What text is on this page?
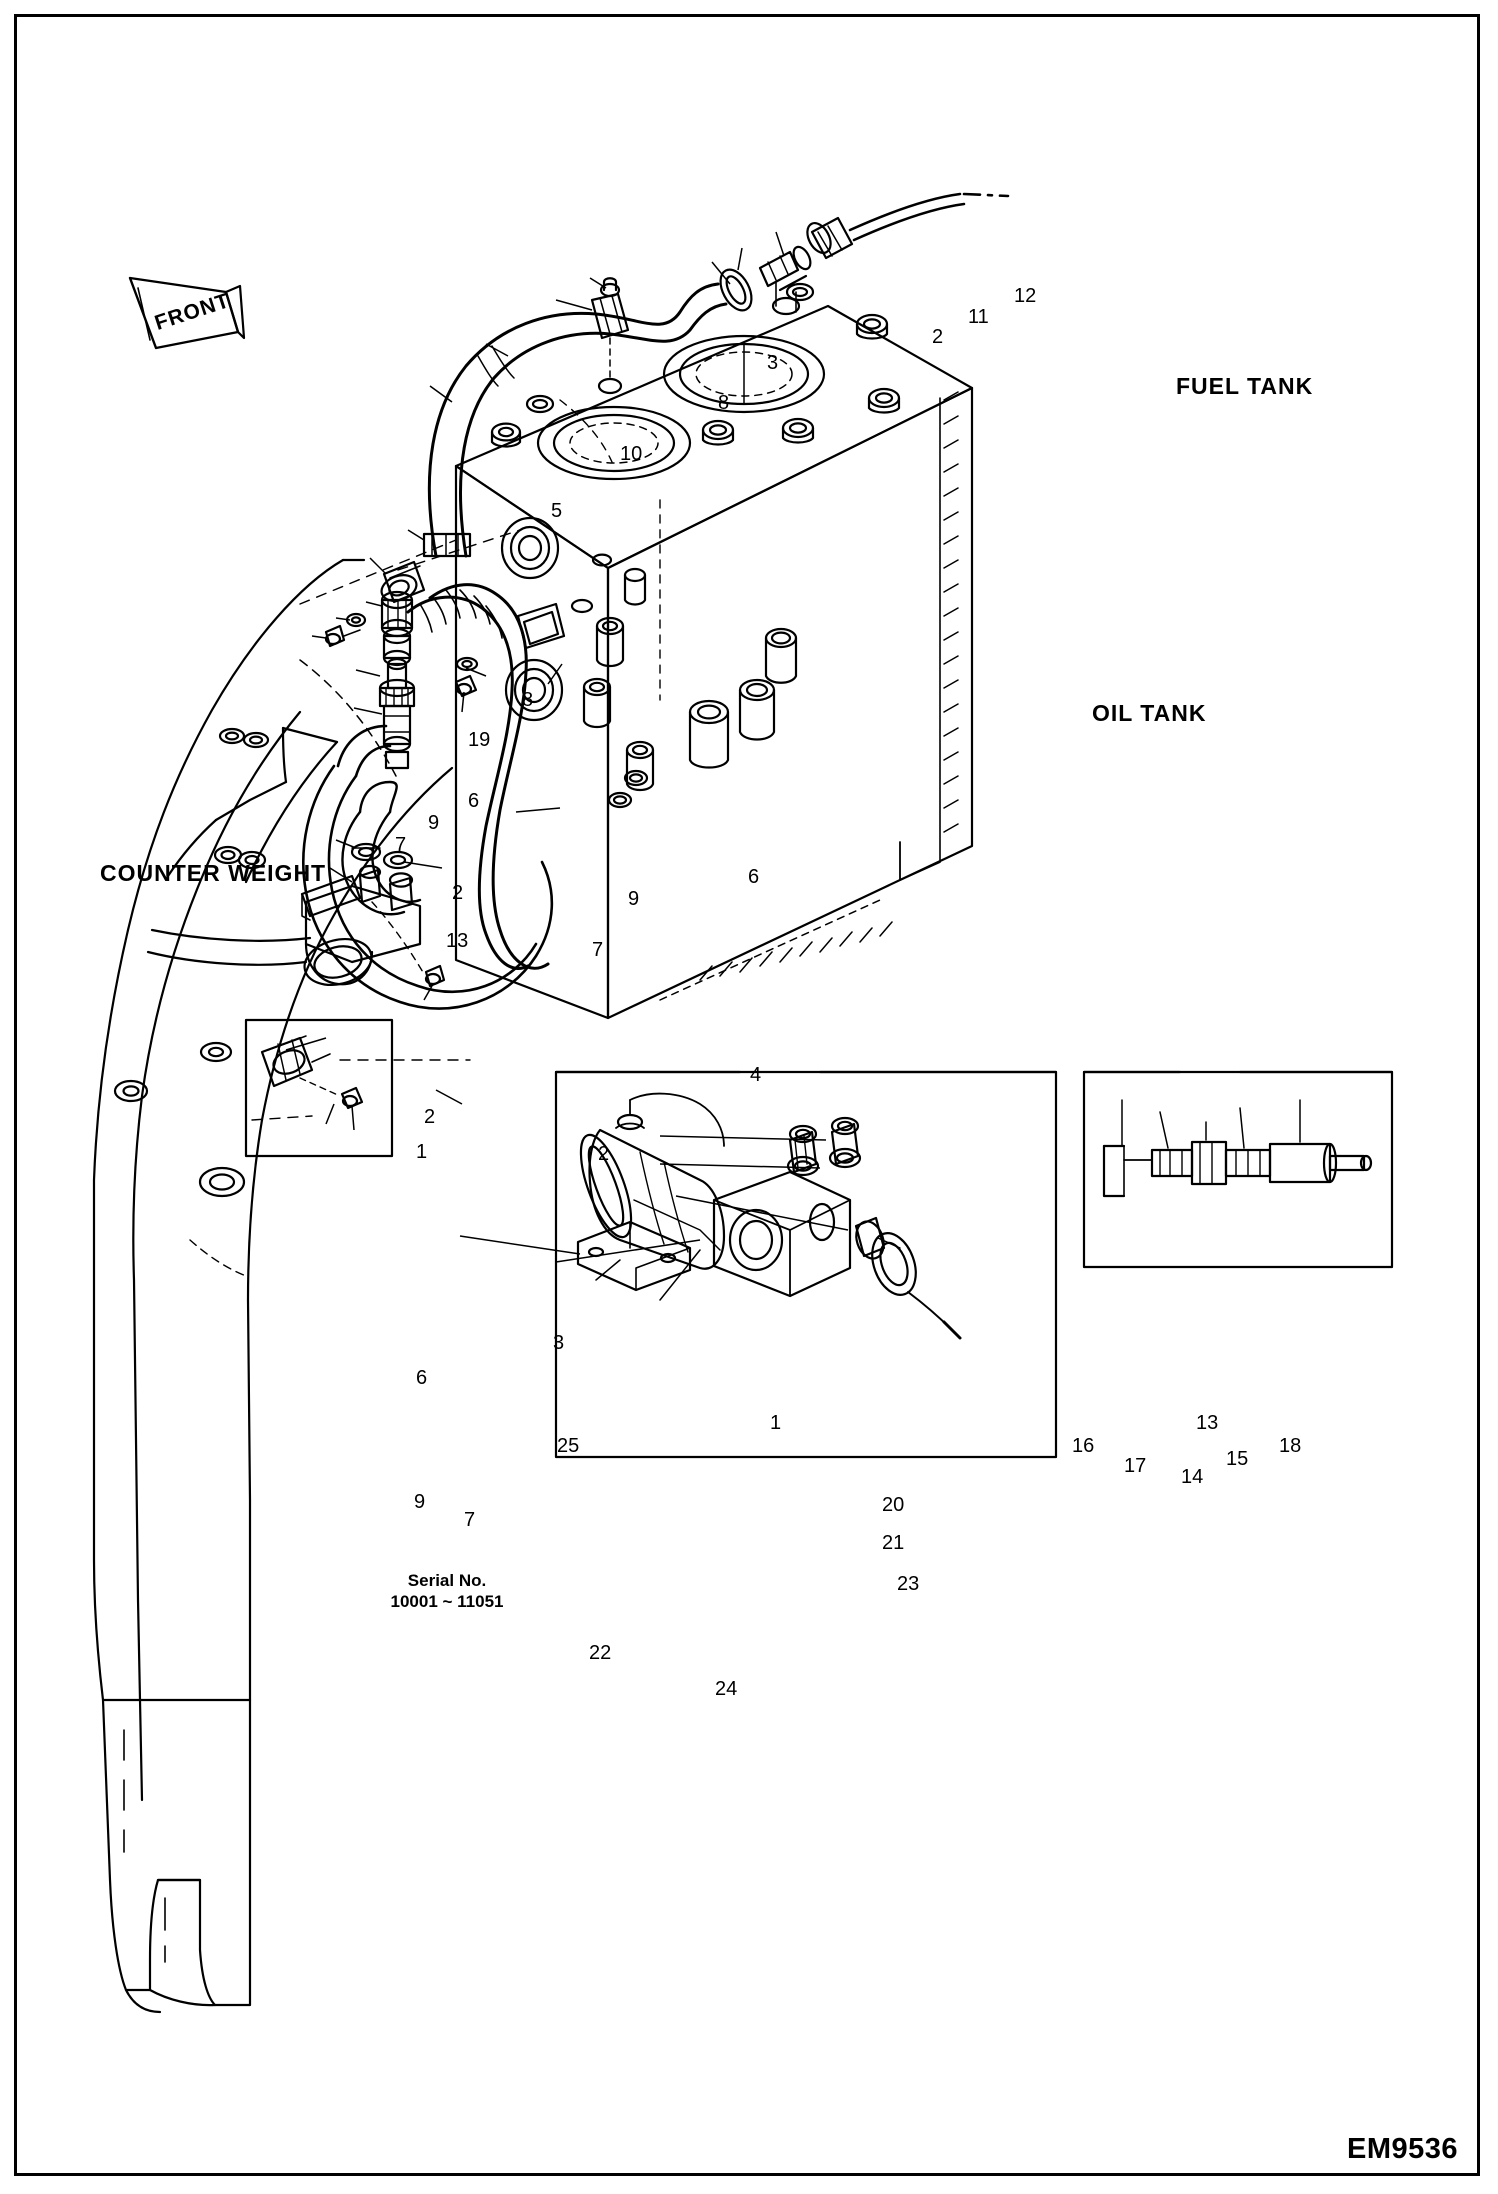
FUEL TANK
OIL TANK
COUNTER WEIGHT
FRONT
Serial No.
10001 ~ 11051
EM9536
12
11
2
3
8
10
5
8
19
6
9
7
2
13
6
9
7
4
2
2
1
3
6
9
7
1
25
20
21
23
22
24
13
16
17 14
15
18
